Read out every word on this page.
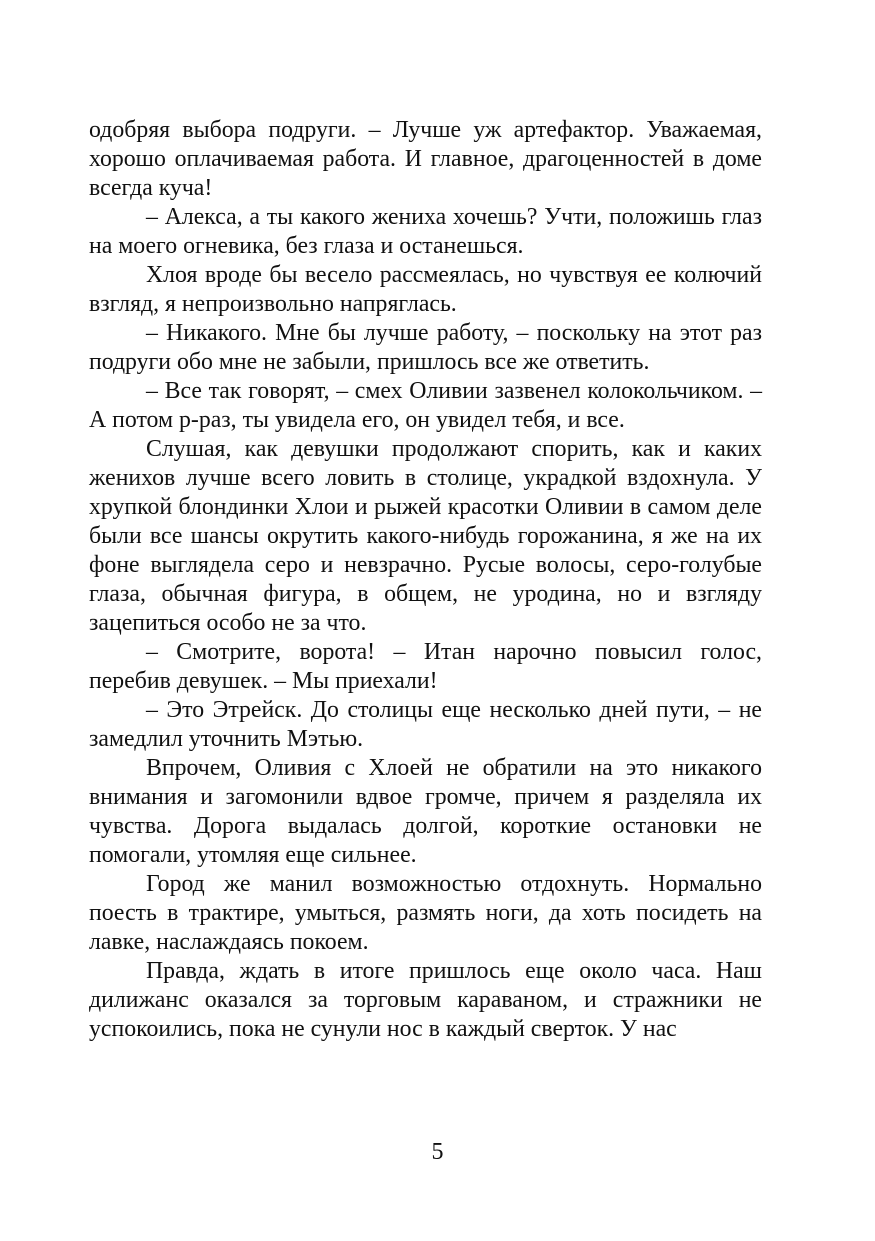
одобряя выбора подруги. – Лучше уж артефактор. Уважаемая, хорошо оплачиваемая работа. И главное, драгоценностей в доме всегда куча!

– Алекса, а ты какого жениха хочешь? Учти, положишь глаз на моего огневика, без глаза и останешься.

Хлоя вроде бы весело рассмеялась, но чувствуя ее колючий взгляд, я непроизвольно напряглась.

– Никакого. Мне бы лучше работу, – поскольку на этот раз подруги обо мне не забыли, пришлось все же ответить.

– Все так говорят, – смех Оливии зазвенел колокольчиком. – А потом р-раз, ты увидела его, он увидел тебя, и все.

Слушая, как девушки продолжают спорить, как и каких женихов лучше всего ловить в столице, украдкой вздохнула. У хрупкой блондинки Хлои и рыжей красотки Оливии в самом деле были все шансы окрутить какого-нибудь горожанина, я же на их фоне выглядела серо и невзрачно. Русые волосы, серо-голубые глаза, обычная фигура, в общем, не уродина, но и взгляду зацепиться особо не за что.

– Смотрите, ворота! – Итан нарочно повысил голос, перебив девушек. – Мы приехали!

– Это Этрейск. До столицы еще несколько дней пути, – не замедлил уточнить Мэтью.

Впрочем, Оливия с Хлоей не обратили на это никакого внимания и загомонили вдвое громче, причем я разделяла их чувства. Дорога выдалась долгой, короткие остановки не помогали, утомляя еще сильнее.

Город же манил возможностью отдохнуть. Нормально поесть в трактире, умыться, размять ноги, да хоть посидеть на лавке, наслаждаясь покоем.

Правда, ждать в итоге пришлось еще около часа. Наш дилижанс оказался за торговым караваном, и стражники не успокоились, пока не сунули нос в каждый сверток. У нас

5
